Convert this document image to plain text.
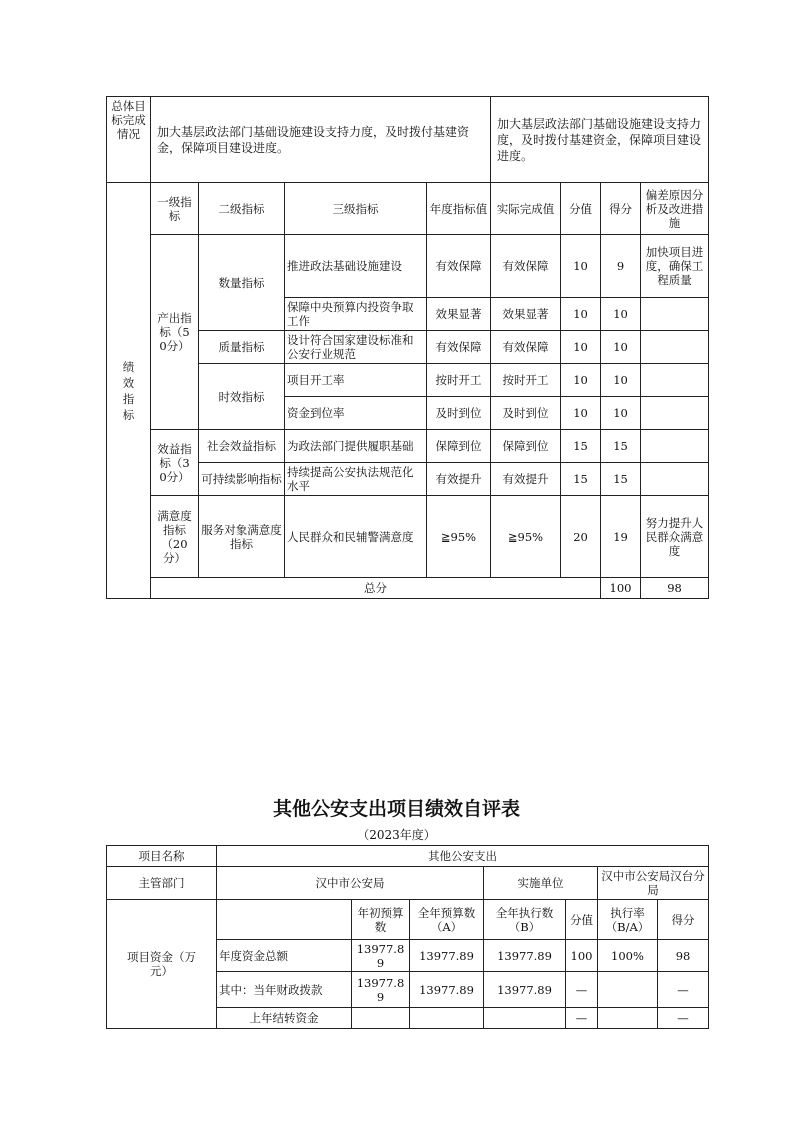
总体目标完成情况	加大基层政法部门基础设施建设支持力度，及时拨付基建资金，保障项目建设进度。				加大基层政法部门基础设施建设支持力度，及时拨付基建资金，保障项目建设进度。				
绩效指标	一级指标	二级指标	三级指标	年度指标值	实际完成值	分值	得分	偏差原因分析及改进措施	
	产出指标（50分）	数量指标	推进政法基础设施建设	有效保障	有效保障	10	9	加快项目进度，确保工程质量	
			保障中央预算内投资争取工作	效果显著	效果显著	10	10		
		质量指标	设计符合国家建设标准和公安行业规范	有效保障	有效保障	10	10		
		时效指标	项目开工率	按时开工	按时开工	10	10		
			资金到位率	及时到位	及时到位	10	10		
	效益指标（30分）	社会效益指标	为政法部门提供履职基础	保障到位	保障到位	15	15		
		可持续影响指标	持续提高公安执法规范化水平	有效提升	有效提升	15	15		
	满意度指标（20分）	服务对象满意度指标	人民群众和民辅警满意度	≧95%	≧95%	20	19	努力提升人民群众满意度	
	总分						100	98	
其他公安支出项目绩效自评表
（2023年度）
项目名称	其他公安支出						
主管部门	汉中市公安局			实施单位		汉中市公安局汉台分局	
项目资金（万元）		年初预算数	全年预算数（A）	全年执行数（B）	分值	执行率（B/A）	得分
	年度资金总额	13977.89	13977.89	13977.89	100	100%	98
	其中：当年财政拨款	13977.89	13977.89	13977.89	—		—
	上年结转资金				—		—
